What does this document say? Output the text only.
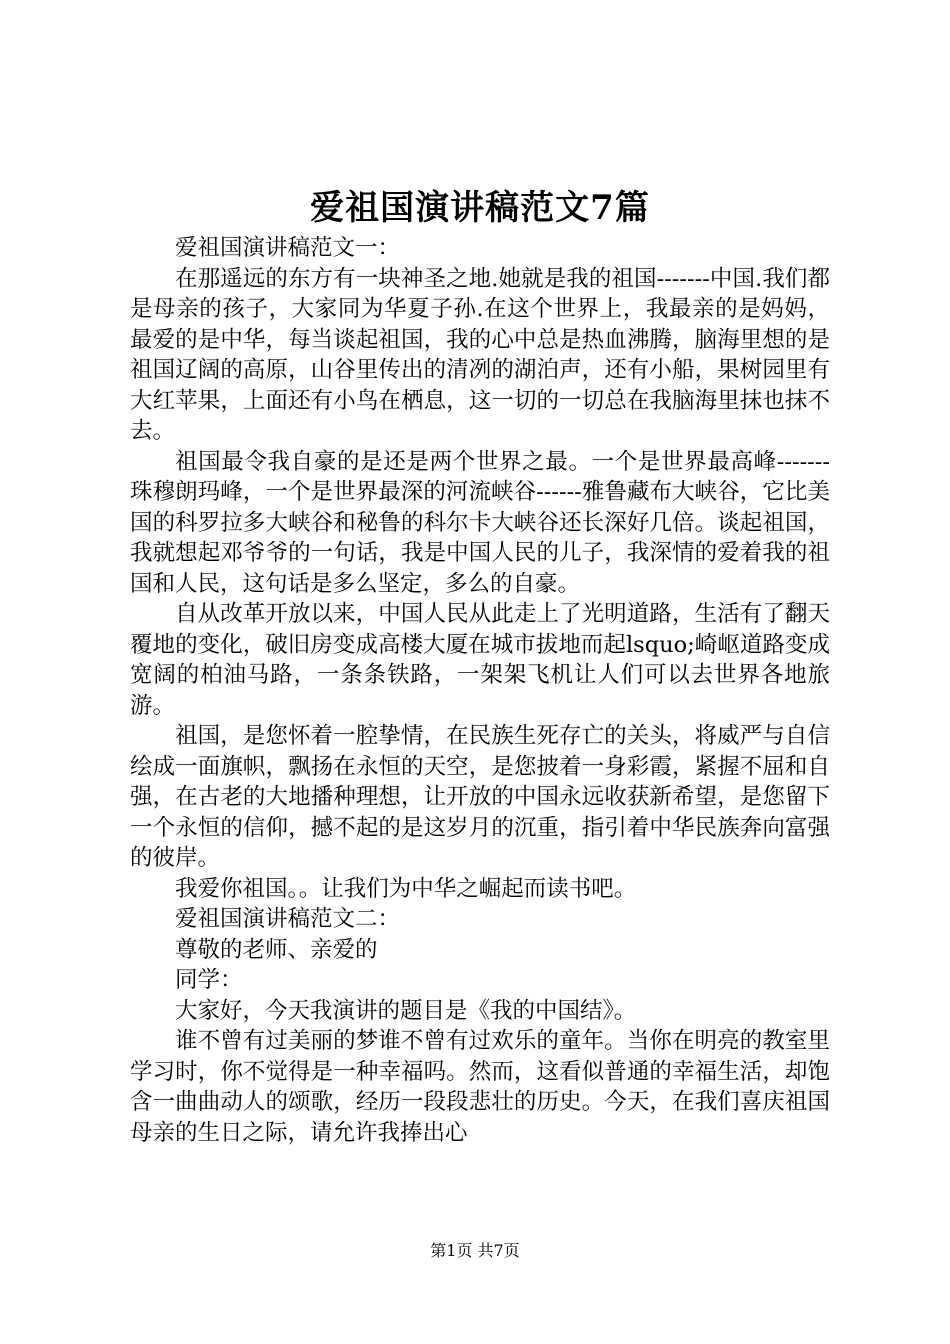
爱祖国演讲稿范文7篇

爱祖国演讲稿范文一：

在那遥远的东方有一块神圣之地.她就是我的祖国-------中国.我们都是母亲的孩子，大家同为华夏子孙.在这个世界上，我最亲的是妈妈，最爱的是中华，每当谈起祖国，我的心中总是热血沸腾，脑海里想的是祖国辽阔的高原，山谷里传出的清冽的湖泊声，还有小船，果树园里有大红苹果，上面还有小鸟在栖息，这一切的一切总在我脑海里抹也抹不去。

祖国最令我自豪的是还是两个世界之最。一个是世界最高峰-------珠穆朗玛峰，一个是世界最深的河流峡谷------雅鲁藏布大峡谷，它比美国的科罗拉多大峡谷和秘鲁的科尔卡大峡谷还长深好几倍。谈起祖国，我就想起邓爷爷的一句话，我是中国人民的儿子，我深情的爱着我的祖国和人民，这句话是多么坚定，多么的自豪。

自从改革开放以来，中国人民从此走上了光明道路，生活有了翻天覆地的变化，破旧房变成高楼大厦在城市拔地而起lsquo;崎岖道路变成宽阔的柏油马路，一条条铁路，一架架飞机让人们可以去世界各地旅游。

祖国，是您怀着一腔挚情，在民族生死存亡的关头，将威严与自信绘成一面旗帜，飘扬在永恒的天空，是您披着一身彩霞，紧握不屈和自强，在古老的大地播种理想，让开放的中国永远收获新希望，是您留下一个永恒的信仰，撼不起的是这岁月的沉重，指引着中华民族奔向富强的彼岸。

我爱你祖国。。让我们为中华之崛起而读书吧。

爱祖国演讲稿范文二：

尊敬的老师、亲爱的

同学：

大家好，今天我演讲的题目是《我的中国结》。

谁不曾有过美丽的梦谁不曾有过欢乐的童年。当你在明亮的教室里学习时，你不觉得是一种幸福吗。然而，这看似普通的幸福生活，却饱含一曲曲动人的颂歌，经历一段段悲壮的历史。今天，在我们喜庆祖国母亲的生日之际，请允许我捧出心

第1页 共7页
